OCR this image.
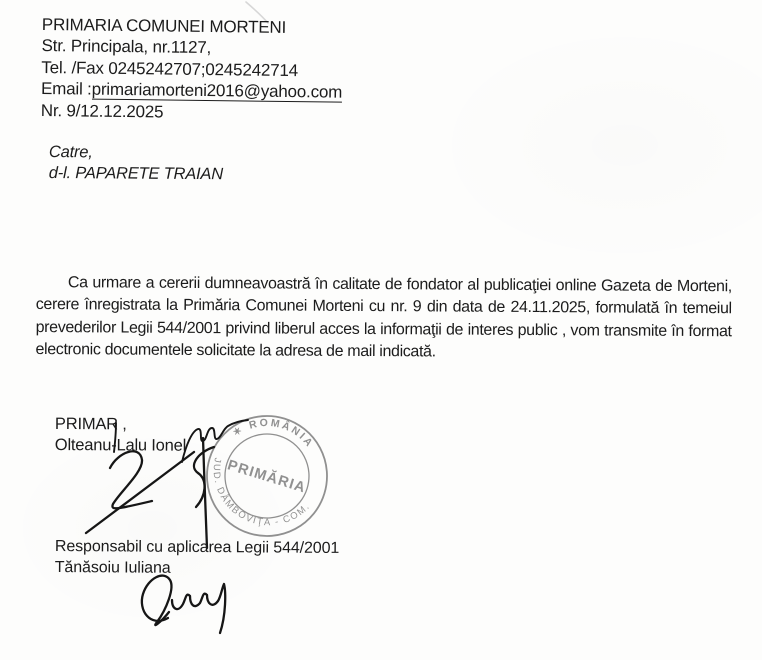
PRIMARIA COMUNEI MORTENI
Str. Principala, nr.1127,
Tel. /Fax 0245242707;0245242714
Email :primariamorteni2016@yahoo.com
Nr. 9/12.12.2025
Catre,
d-l. PAPARETE TRAIAN

Ca urmare a cererii dumneavoastră în calitate de fondator al publicaţiei online Gazeta de Morteni, cerere înregistrata la Primăria Comunei Morteni cu nr. 9 din data de 24.11.2025, formulată în temeiul prevederilor Legii 544/2001 privind liberul acces la informaţii de interes public , vom transmite în format electronic documentele solicitate la adresa de mail indicată.

PRIMAR ,
Olteanu-Lalu Ionel
✶ ROMÂNIA
JUD. DÂMBOVIŢA - COM.
PRIMĂRIA
Responsabil cu aplicarea Legii 544/2001
Tănăsoiu Iuliana
